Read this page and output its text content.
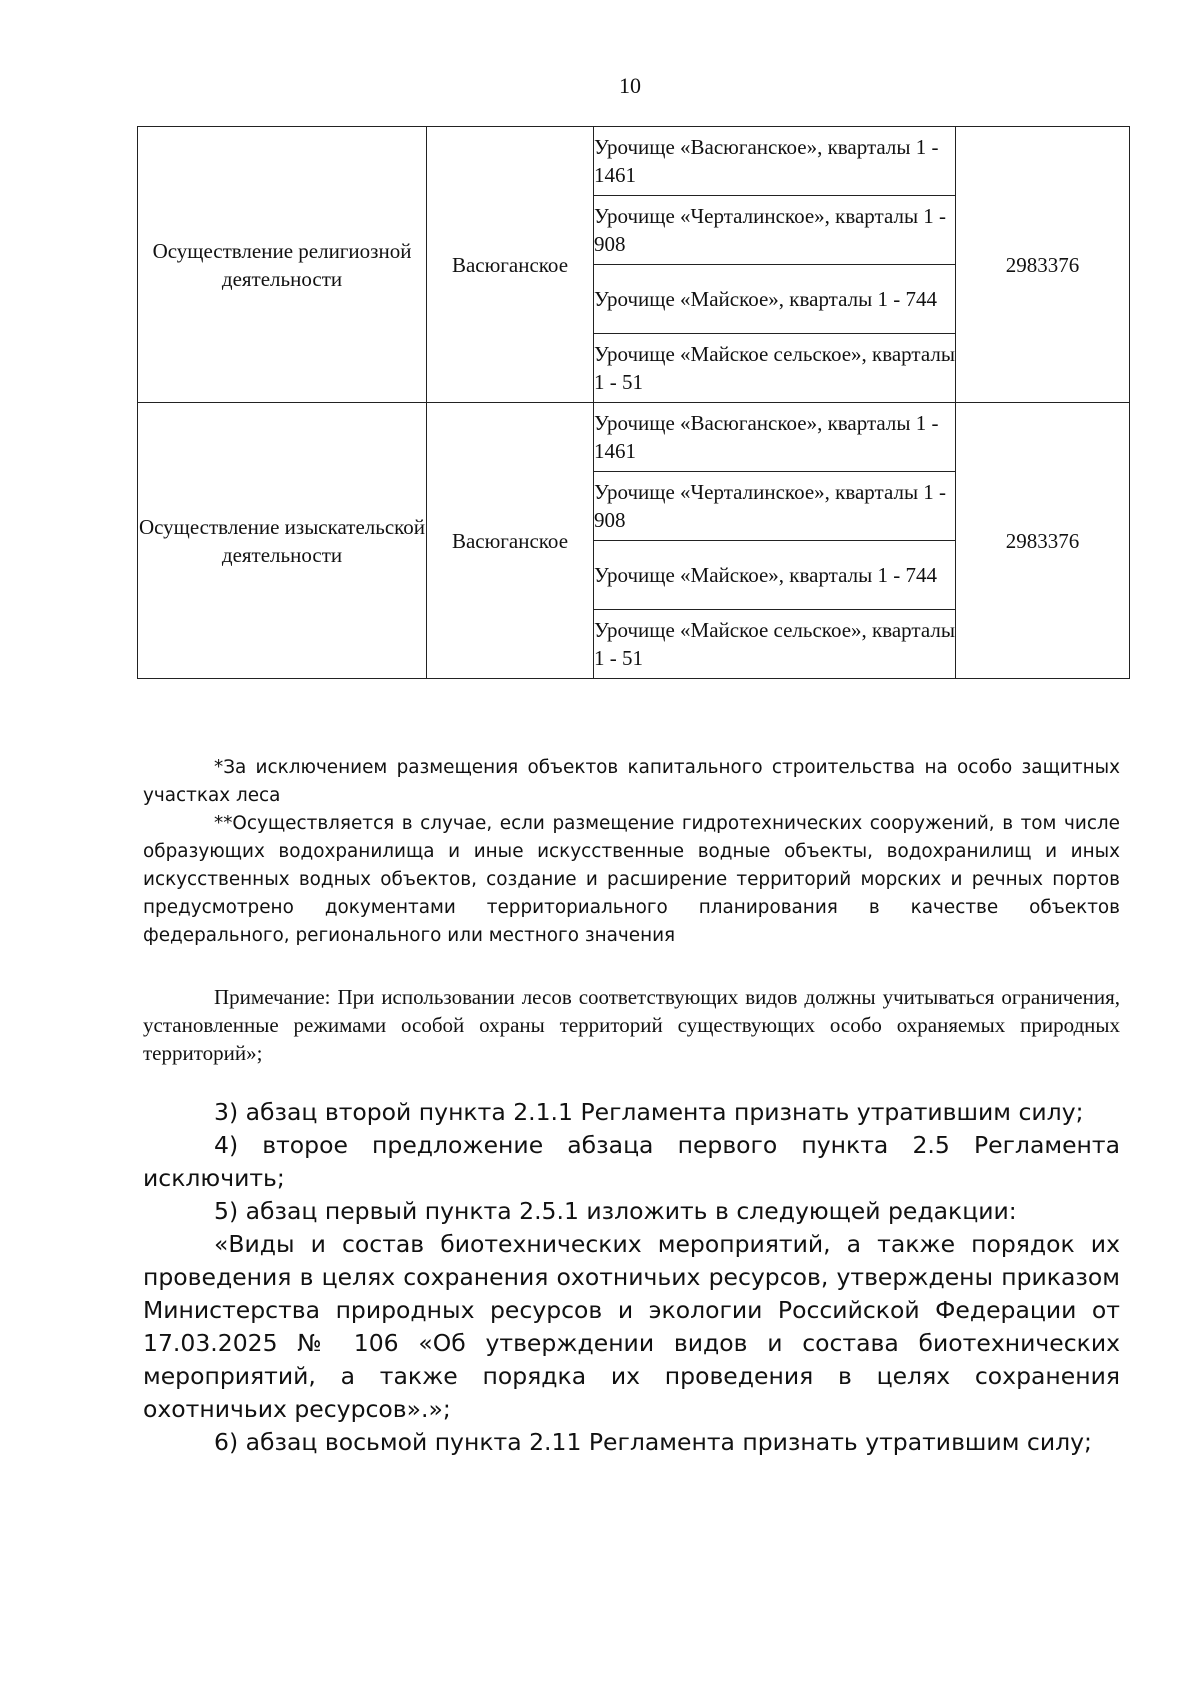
10
Осуществление религиозной деятельности	Васюганское	Урочище «Васюганское», кварталы 1 - 1461	2983376
		Урочище «Черталинское», кварталы 1 - 908	
		Урочище «Майское», кварталы 1 - 744	
		Урочище «Майское сельское», кварталы 1 - 51	
Осуществление изыскательской деятельности	Васюганское	Урочище «Васюганское», кварталы 1 - 1461	2983376
		Урочище «Черталинское», кварталы 1 - 908	
		Урочище «Майское», кварталы 1 - 744	
		Урочище «Майское сельское», кварталы 1 - 51	
*За исключением размещения объектов капитального строительства на особо защитных участках леса
**Осуществляется в случае, если размещение гидротехнических сооружений, в том числе образующих водохранилища и иные искусственные водные объекты, водохранилищ и иных искусственных водных объектов, создание и расширение территорий морских и речных портов предусмотрено документами территориального планирования в качестве объектов федерального, регионального или местного значения
Примечание: При использовании лесов соответствующих видов должны учитываться ограничения, установленные режимами особой охраны территорий существующих особо охраняемых природных территорий»;

3) абзац второй пункта 2.1.1 Регламента признать утратившим силу;

4) второе предложение абзаца первого пункта 2.5 Регламента исключить;

5) абзац первый пункта 2.5.1 изложить в следующей редакции:

«Виды и состав биотехнических мероприятий, а также порядок их проведения в целях сохранения охотничьих ресурсов, утверждены приказом Министерства природных ресурсов и экологии Российской Федерации от 17.03.2025 № 106 «Об утверждении видов и состава биотехнических мероприятий, а также порядка их проведения в целях сохранения охотничьих ресурсов».»;

6) абзац восьмой пункта 2.11 Регламента признать утратившим силу;
